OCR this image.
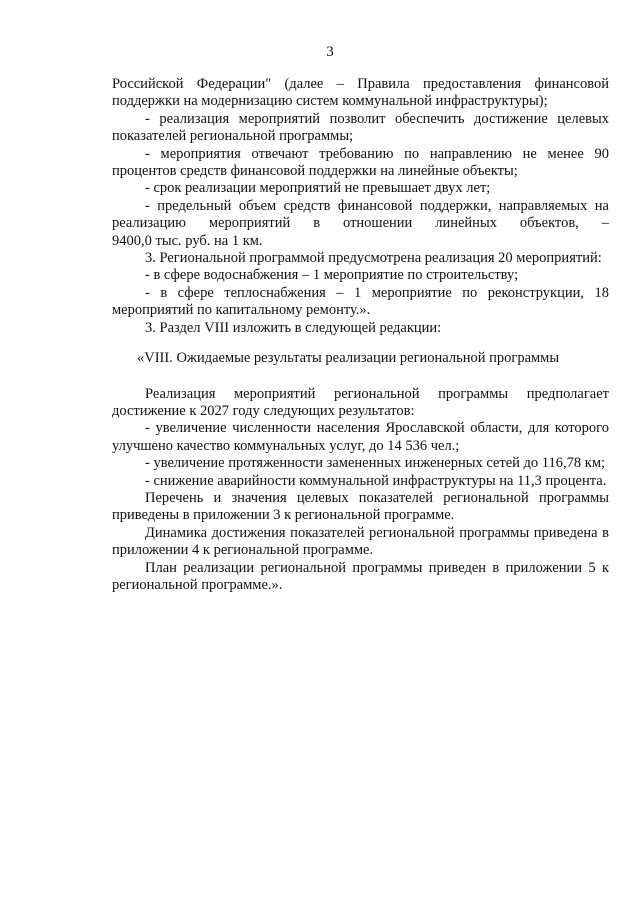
3

Российской Федерации" (далее – Правила предоставления финансовой поддержки на модернизацию систем коммунальной инфраструктуры);

- реализация мероприятий позволит обеспечить достижение целевых показателей региональной программы;

- мероприятия отвечают требованию по направлению не менее 90 процентов средств финансовой поддержки на линейные объекты;

- срок реализации мероприятий не превышает двух лет;

- предельный объем средств финансовой поддержки, направляемых на реализацию мероприятий в отношении линейных объектов, –

9400,0 тыс. руб. на 1 км.

3. Региональной программой предусмотрена реализация 20 мероприятий:

- в сфере водоснабжения – 1 мероприятие по строительству;

- в сфере теплоснабжения – 1 мероприятие по реконструкции, 18 мероприятий по капитальному ремонту.».

3. Раздел VIII изложить в следующей редакции:

«VIII. Ожидаемые результаты реализации региональной программы

Реализация мероприятий региональной программы предполагает достижение к 2027 году следующих результатов:

- увеличение численности населения Ярославской области, для которого улучшено качество коммунальных услуг, до 14 536 чел.;

- увеличение протяженности замененных инженерных сетей до 116,78 км;

- снижение аварийности коммунальной инфраструктуры на 11,3 процента.

Перечень и значения целевых показателей региональной программы приведены в приложении 3 к региональной программе.

Динамика достижения показателей региональной программы приведена в приложении 4 к региональной программе.

План реализации региональной программы приведен в приложении 5 к региональной программе.».
